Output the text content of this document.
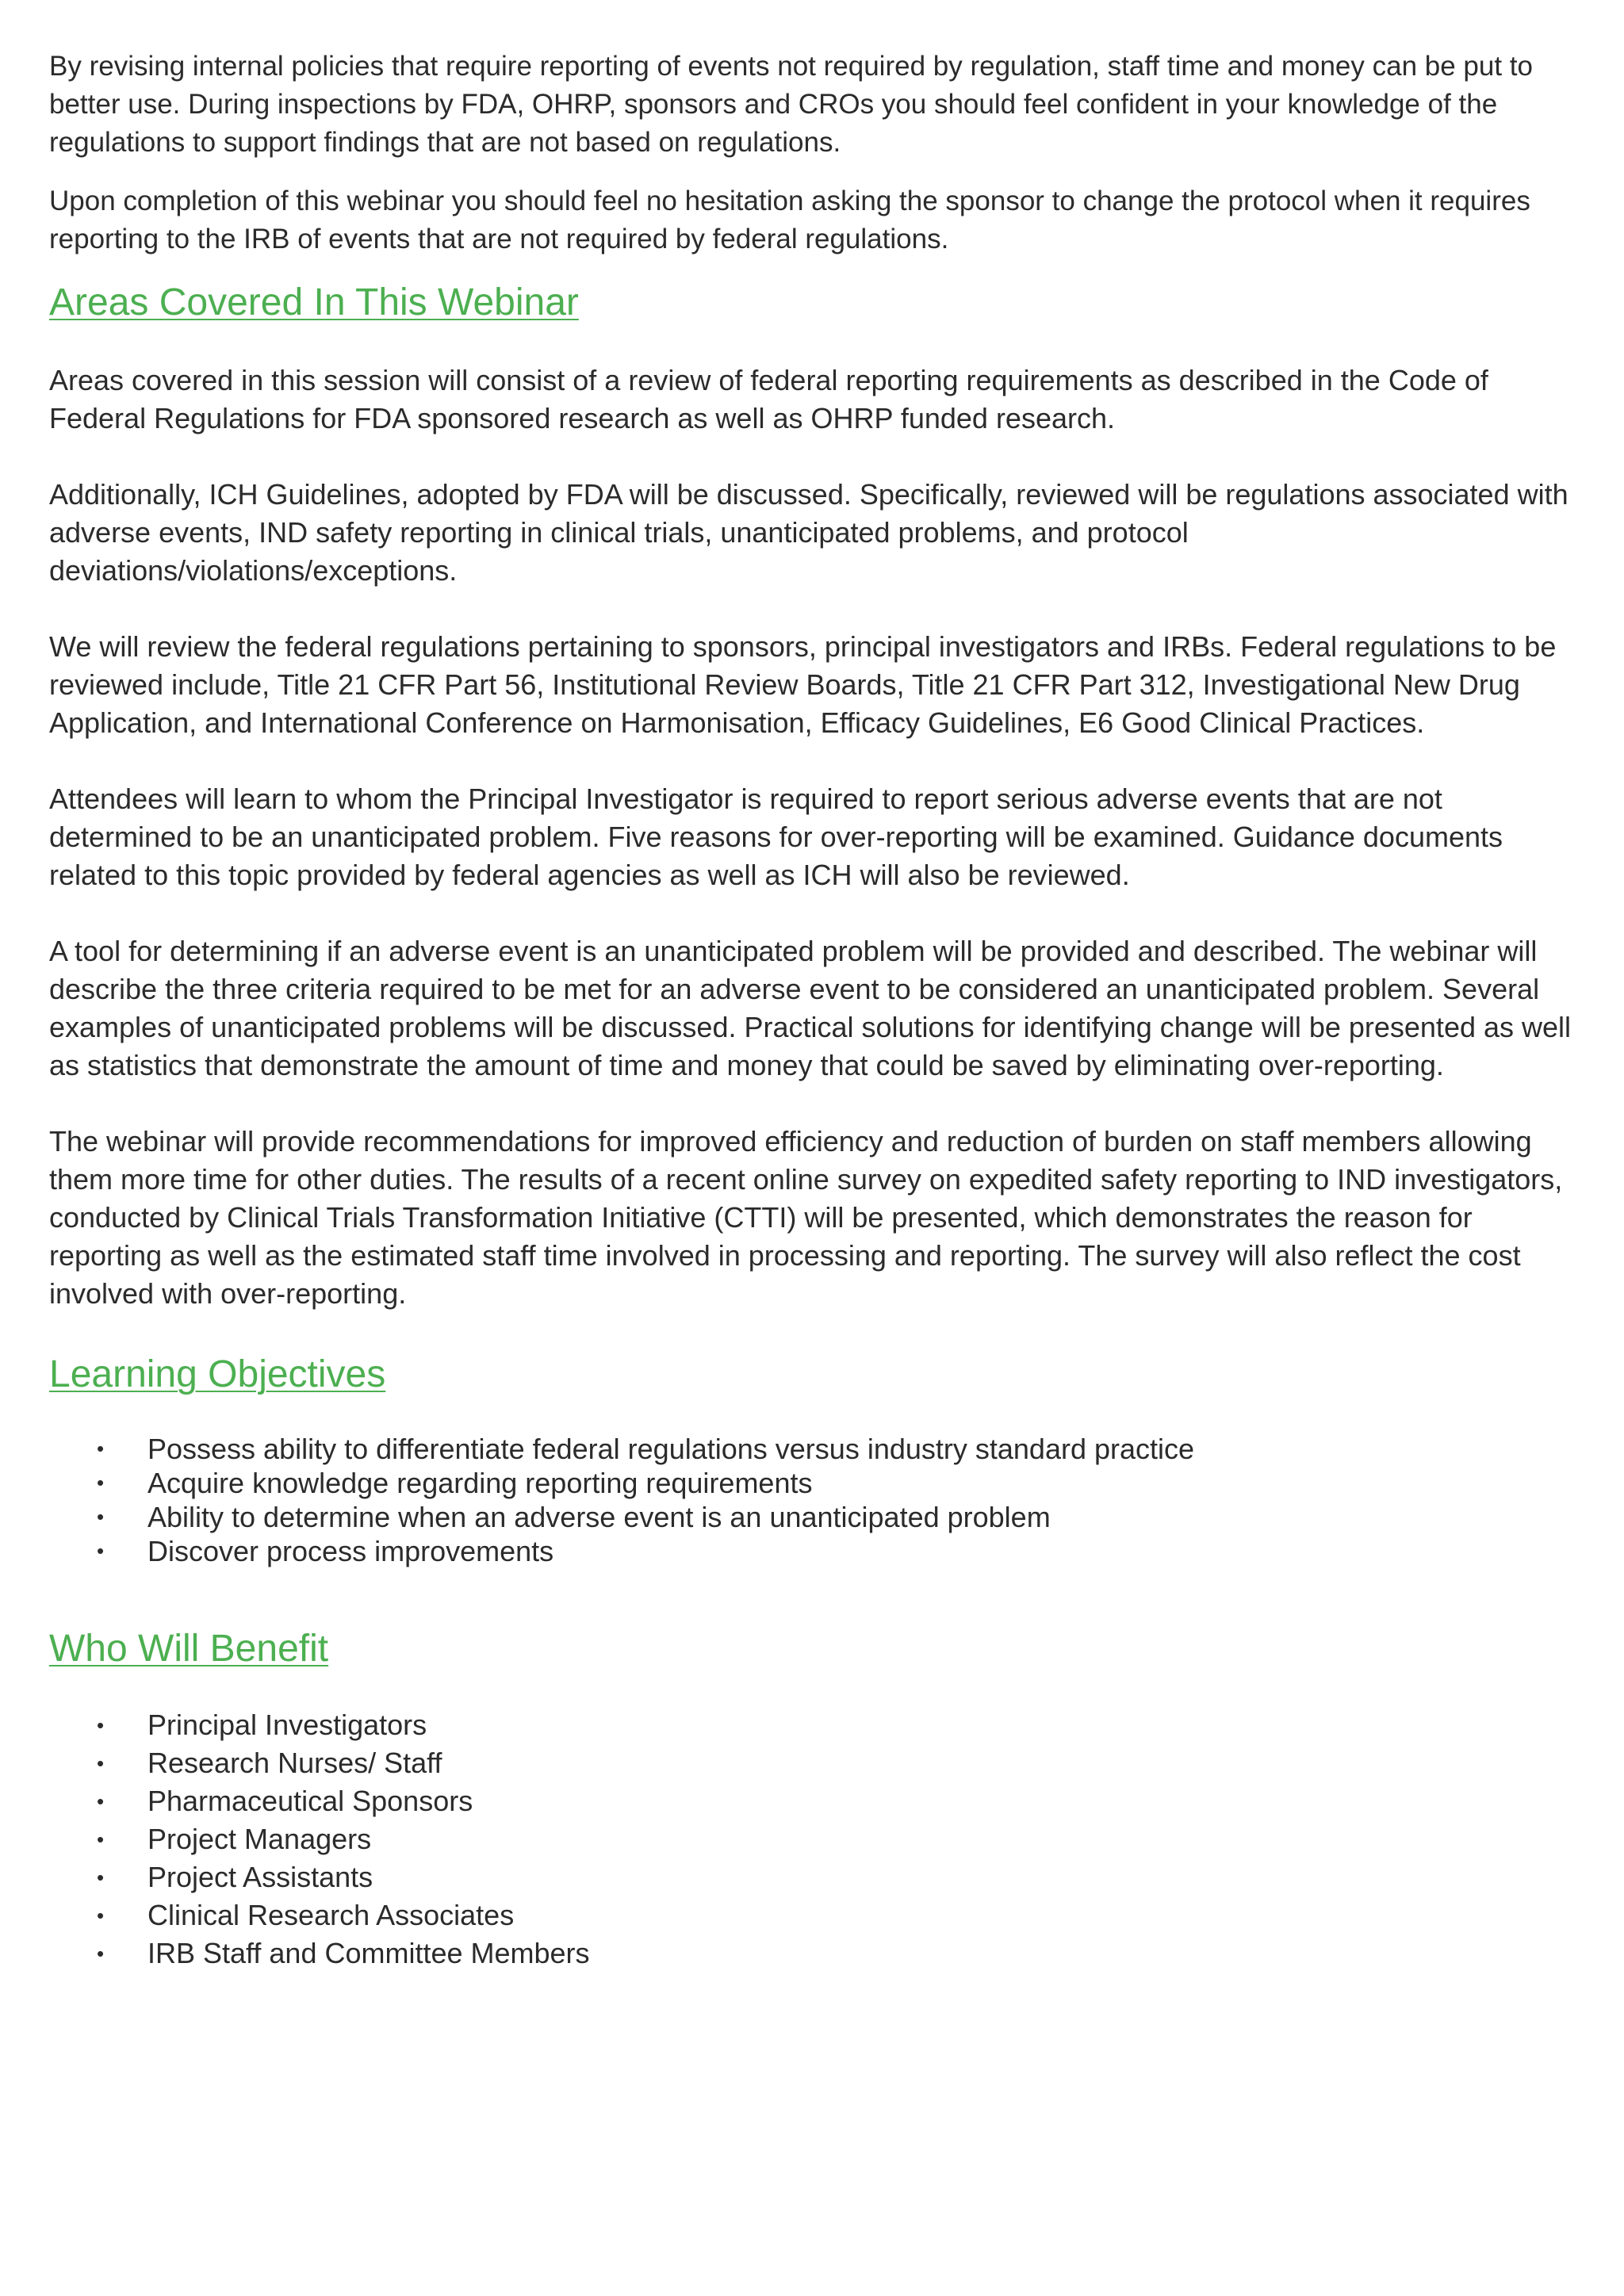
By revising internal policies that require reporting of events not required by regulation, staff time and money can be put to better use. During inspections by FDA, OHRP, sponsors and CROs you should feel confident in your knowledge of the regulations to support findings that are not based on regulations.

Upon completion of this webinar you should feel no hesitation asking the sponsor to change the protocol when it requires reporting to the IRB of events that are not required by federal regulations.

Areas Covered In This Webinar

Areas covered in this session will consist of a review of federal reporting requirements as described in the Code of Federal Regulations for FDA sponsored research as well as OHRP funded research.

Additionally, ICH Guidelines, adopted by FDA will be discussed. Specifically, reviewed will be regulations associated with adverse events, IND safety reporting in clinical trials, unanticipated problems, and protocol deviations/violations/exceptions.

We will review the federal regulations pertaining to sponsors, principal investigators and IRBs. Federal regulations to be reviewed include, Title 21 CFR Part 56, Institutional Review Boards, Title 21 CFR Part 312, Investigational New Drug Application, and International Conference on Harmonisation, Efficacy Guidelines, E6 Good Clinical Practices.

Attendees will learn to whom the Principal Investigator is required to report serious adverse events that are not determined to be an unanticipated problem. Five reasons for over-reporting will be examined. Guidance documents related to this topic provided by federal agencies as well as ICH will also be reviewed.

A tool for determining if an adverse event is an unanticipated problem will be provided and described. The webinar will describe the three criteria required to be met for an adverse event to be considered an unanticipated problem. Several examples of unanticipated problems will be discussed. Practical solutions for identifying change will be presented as well as statistics that demonstrate the amount of time and money that could be saved by eliminating over-reporting.

The webinar will provide recommendations for improved efficiency and reduction of burden on staff members allowing them more time for other duties. The results of a recent online survey on expedited safety reporting to IND investigators, conducted by Clinical Trials Transformation Initiative (CTTI) will be presented, which demonstrates the reason for reporting as well as the estimated staff time involved in processing and reporting. The survey will also reflect the cost involved with over-reporting.

Learning Objectives
• Possess ability to differentiate federal regulations versus industry standard practice
• Acquire knowledge regarding reporting requirements
• Ability to determine when an adverse event is an unanticipated problem
• Discover process improvements
Who Will Benefit
• Principal Investigators
• Research Nurses/ Staff
• Pharmaceutical Sponsors
• Project Managers
• Project Assistants
• Clinical Research Associates
• IRB Staff and Committee Members
